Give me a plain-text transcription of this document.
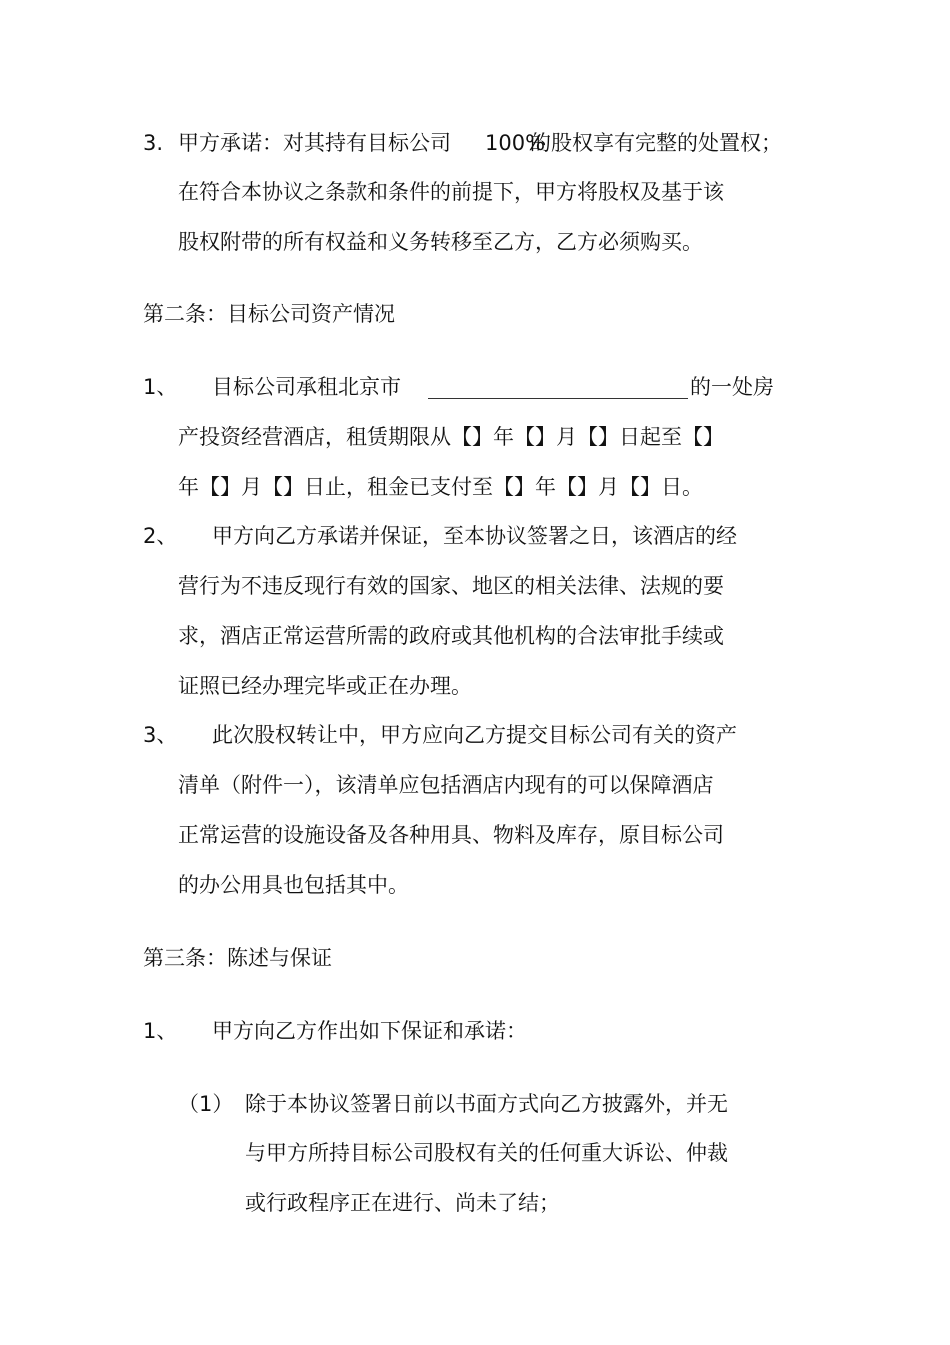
3. 甲方承诺：对其持有目标公司 100%
的股权享有完整的处置权；
在符合本协议之条款和条件的前提下，甲方将股权及基于该
股权附带的所有权益和义务转移至乙方，乙方必须购买。
第二条：目标公司资产情况
1、 目标公司承租北京市	的一处房
产投资经营酒店，租赁期限从【】年【】月【】日起至【】
年【】月【】日止，租金已支付至【】年【】月【】日。
2、 甲方向乙方承诺并保证，至本协议签署之日，该酒店的经
营行为不违反现行有效的国家、地区的相关法律、法规的要
求，酒店正常运营所需的政府或其他机构的合法审批手续或
证照已经办理完毕或正在办理。
3、 此次股权转让中，甲方应向乙方提交目标公司有关的资产
清单（附件一），该清单应包括酒店内现有的可以保障酒店
正常运营的设施设备及各种用具、物料及库存，原目标公司
的办公用具也包括其中。
第三条：陈述与保证
1、 甲方向乙方作出如下保证和承诺：
（1） 除于本协议签署日前以书面方式向乙方披露外，并无
与甲方所持目标公司股权有关的任何重大诉讼、仲裁
或行政程序正在进行、尚未了结；
